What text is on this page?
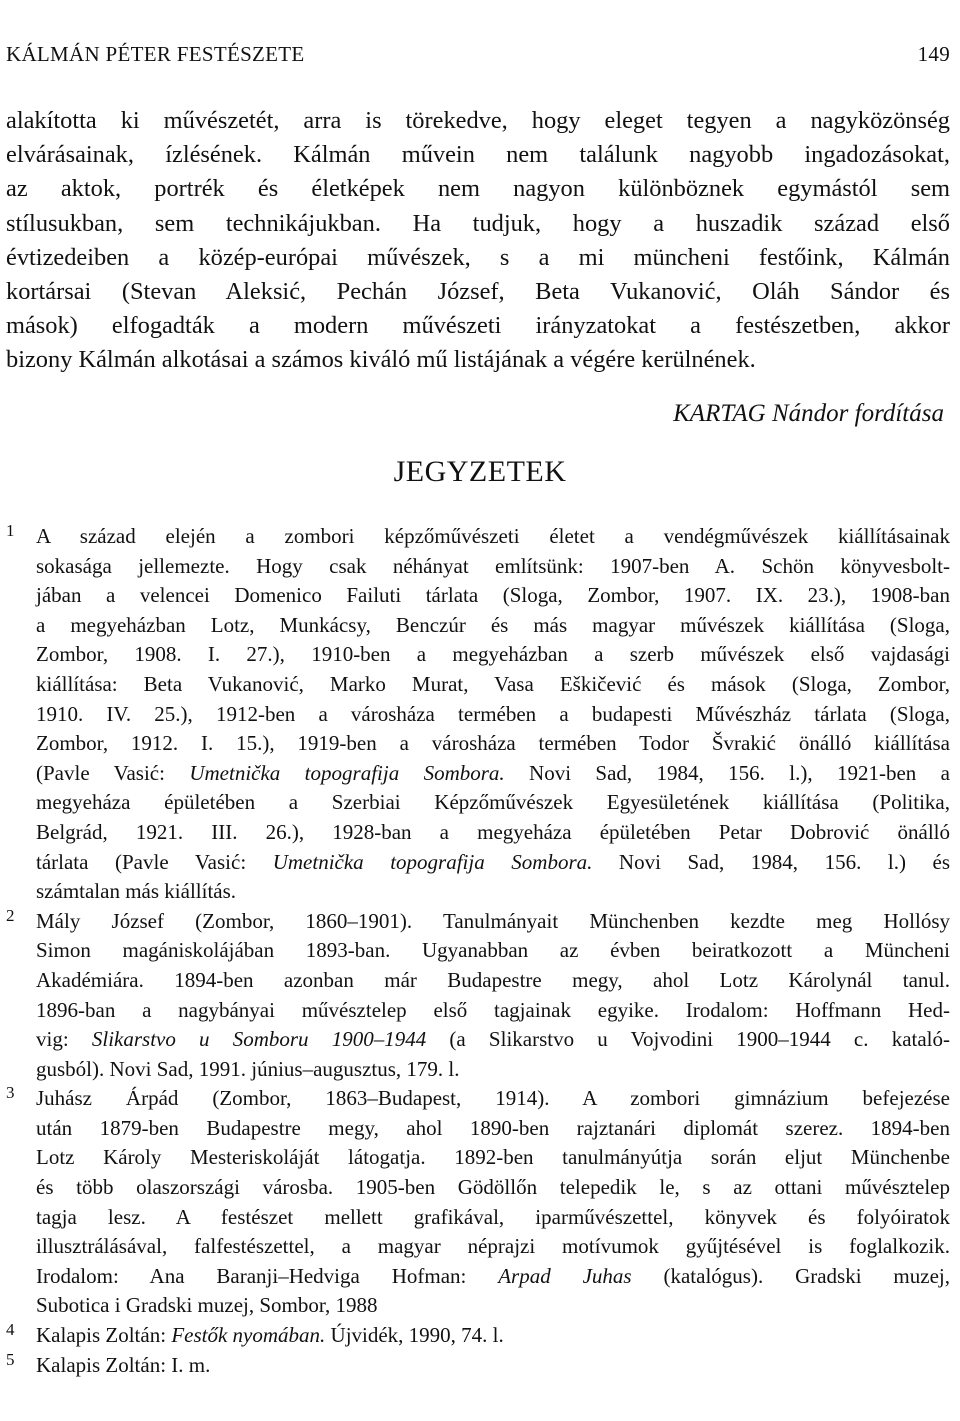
KÁLMÁN PÉTER FESTÉSZETE	149

alakította ki művészetét, arra is törekedve, hogy eleget tegyen a nagyközönség
elvárásainak, ízlésének. Kálmán művein nem találunk nagyobb ingadozásokat,
az aktok, portrék és életképek nem nagyon különböznek egymástól sem
stílusukban, sem technikájukban. Ha tudjuk, hogy a huszadik század első
évtizedeiben a közép-európai művészek, s a mi müncheni festőink, Kálmán
kortársai (Stevan Aleksić, Pechán József, Beta Vukanović, Oláh Sándor és
mások) elfogadták a modern művészeti irányzatokat a festészetben, akkor
bizony Kálmán alkotásai a számos kiváló mű listájának a végére kerülnének.

KARTAG Nándor fordítása
JEGYZETEK
1 A század elején a zombori képzőművészeti életet a vendégművészek kiállításainak
sokasága jellemezte. Hogy csak néhányat említsünk: 1907-ben A. Schön könyvesbolt-
jában a velencei Domenico Failuti tárlata (Sloga, Zombor, 1907. IX. 23.), 1908-ban
a megyeházban Lotz, Munkácsy, Benczúr és más magyar művészek kiállítása (Sloga,
Zombor, 1908. I. 27.), 1910-ben a megyeházban a szerb művészek első vajdasági
kiállítása: Beta Vukanović, Marko Murat, Vasa Eškičević és mások (Sloga, Zombor,
1910. IV. 25.), 1912-ben a városháza termében a budapesti Művészház tárlata (Sloga,
Zombor, 1912. I. 15.), 1919-ben a városháza termében Todor Švrakić önálló kiállítása
(Pavle Vasić: Umetnička topografija Sombora. Novi Sad, 1984, 156. l.), 1921-ben a
megyeháza épületében a Szerbiai Képzőművészek Egyesületének kiállítása (Politika,
Belgrád, 1921. III. 26.), 1928-ban a megyeháza épületében Petar Dobrović önálló
tárlata (Pavle Vasić: Umetnička topografija Sombora. Novi Sad, 1984, 156. l.) és
számtalan más kiállítás.
2 Mály József (Zombor, 1860–1901). Tanulmányait Münchenben kezdte meg Hollósy
Simon magániskolájában 1893-ban. Ugyanabban az évben beiratkozott a Müncheni
Akadémiára. 1894-ben azonban már Budapestre megy, ahol Lotz Károlynál tanul.
1896-ban a nagybányai művésztelep első tagjainak egyike. Irodalom: Hoffmann Hed-
vig: Slikarstvo u Somboru 1900–1944 (a Slikarstvo u Vojvodini 1900–1944 c. kataló-
gusból). Novi Sad, 1991. június–augusztus, 179. l.
3 Juhász Árpád (Zombor, 1863–Budapest, 1914). A zombori gimnázium befejezése
után 1879-ben Budapestre megy, ahol 1890-ben rajztanári diplomát szerez. 1894-ben
Lotz Károly Mesteriskoláját látogatja. 1892-ben tanulmányútja során eljut Münchenbe
és több olaszországi városba. 1905-ben Gödöllőn telepedik le, s az ottani művésztelep
tagja lesz. A festészet mellett grafikával, iparművészettel, könyvek és folyóiratok
illusztrálásával, falfestészettel, a magyar néprajzi motívumok gyűjtésével is foglalkozik.
Irodalom: Ana Baranji–Hedviga Hofman: Arpad Juhas (katalógus). Gradski muzej,
Subotica i Gradski muzej, Sombor, 1988
4 Kalapis Zoltán: Festők nyomában. Újvidék, 1990, 74. l.
5 Kalapis Zoltán: I. m.
